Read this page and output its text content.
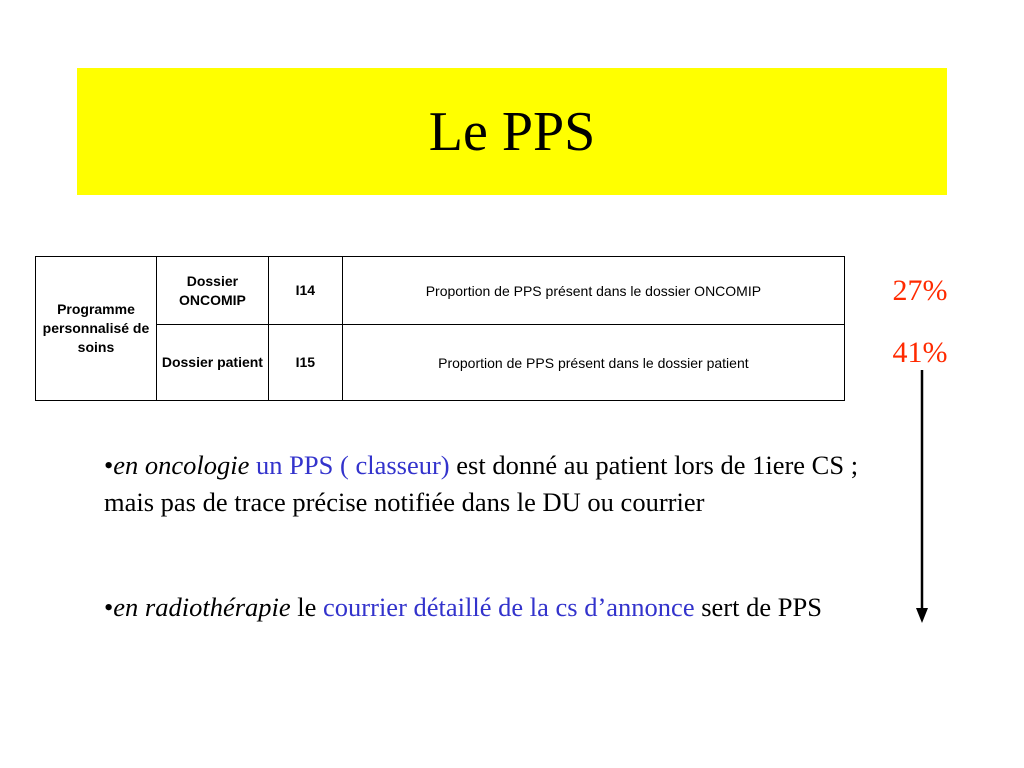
Le PPS
Programme personnalisé de soins	Dossier ONCOMIP	I14	Proportion de PPS présent dans le dossier ONCOMIP
	Dossier patient	I15	Proportion de PPS présent dans le dossier patient
27%
41%
•en oncologie un PPS ( classeur) est donné au patient lors de 1iere CS ; mais pas de trace précise notifiée dans le DU ou courrier
•en radiothérapie le courrier détaillé de la cs d’annonce sert de PPS
